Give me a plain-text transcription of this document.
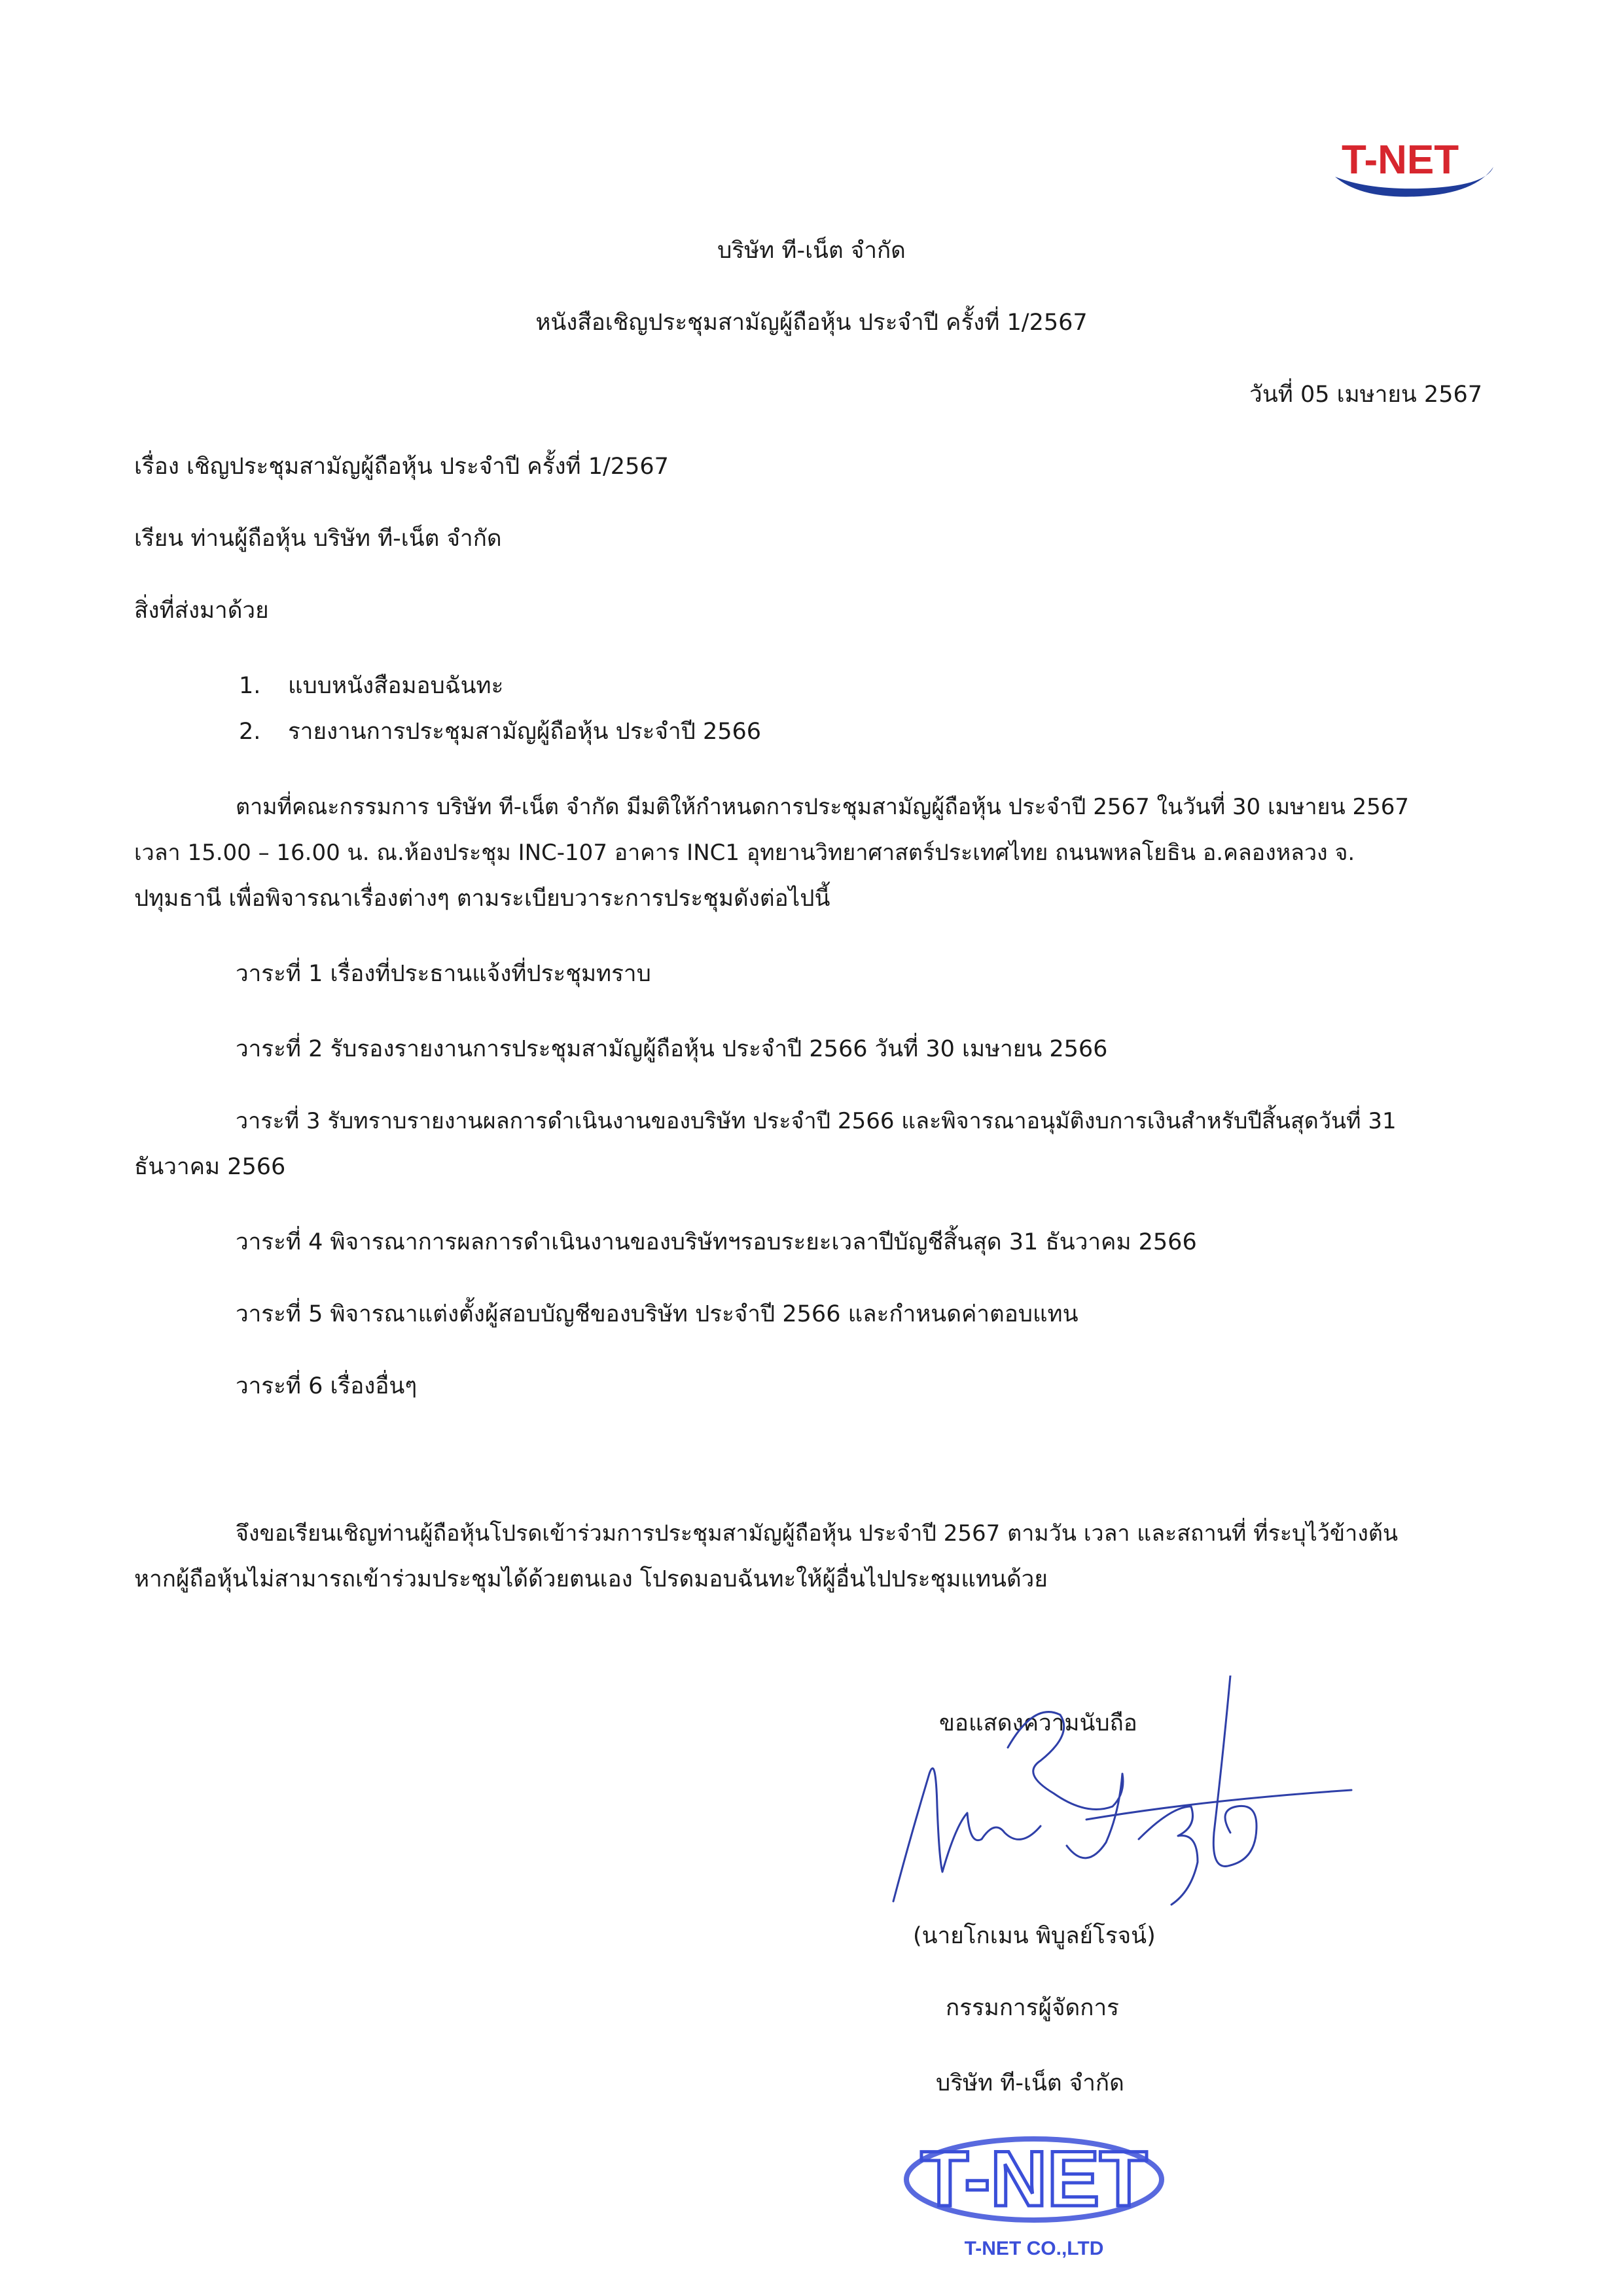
T-NET
บริษัท ที-เน็ต จำกัด
หนังสือเชิญประชุมสามัญผู้ถือหุ้น ประจำปี ครั้งที่ 1/2567
วันที่ 05 เมษายน 2567
เรื่อง เชิญประชุมสามัญผู้ถือหุ้น ประจำปี ครั้งที่ 1/2567
เรียน ท่านผู้ถือหุ้น บริษัท ที-เน็ต จำกัด
สิ่งที่ส่งมาด้วย
1. แบบหนังสือมอบฉันทะ
2. รายงานการประชุมสามัญผู้ถือหุ้น ประจำปี 2566
ตามที่คณะกรรมการ บริษัท ที-เน็ต จำกัด มีมติให้กำหนดการประชุมสามัญผู้ถือหุ้น ประจำปี 2567 ในวันที่ 30 เมษายน 2567
เวลา 15.00 – 16.00 น. ณ.ห้องประชุม INC-107 อาคาร INC1 อุทยานวิทยาศาสตร์ประเทศไทย ถนนพหลโยธิน อ.คลองหลวง จ.
ปทุมธานี เพื่อพิจารณาเรื่องต่างๆ ตามระเบียบวาระการประชุมดังต่อไปนี้
วาระที่ 1 เรื่องที่ประธานแจ้งที่ประชุมทราบ
วาระที่ 2 รับรองรายงานการประชุมสามัญผู้ถือหุ้น ประจำปี 2566 วันที่ 30 เมษายน 2566
วาระที่ 3 รับทราบรายงานผลการดำเนินงานของบริษัท ประจำปี 2566 และพิจารณาอนุมัติงบการเงินสำหรับปีสิ้นสุดวันที่ 31
ธันวาคม 2566
วาระที่ 4 พิจารณาการผลการดำเนินงานของบริษัทฯรอบระยะเวลาปีบัญชีสิ้นสุด 31 ธันวาคม 2566
วาระที่ 5 พิจารณาแต่งตั้งผู้สอบบัญชีของบริษัท ประจำปี 2566 และกำหนดค่าตอบแทน
วาระที่ 6 เรื่องอื่นๆ
จึงขอเรียนเชิญท่านผู้ถือหุ้นโปรดเข้าร่วมการประชุมสามัญผู้ถือหุ้น ประจำปี 2567 ตามวัน เวลา และสถานที่ ที่ระบุไว้ข้างต้น
หากผู้ถือหุ้นไม่สามารถเข้าร่วมประชุมได้ด้วยตนเอง โปรดมอบฉันทะให้ผู้อื่นไปประชุมแทนด้วย
ขอแสดงความนับถือ
(นายโกเมน พิบูลย์โรจน์)
กรรมการผู้จัดการ
บริษัท ที-เน็ต จำกัด
T-NET
T-NET CO.,LTD
